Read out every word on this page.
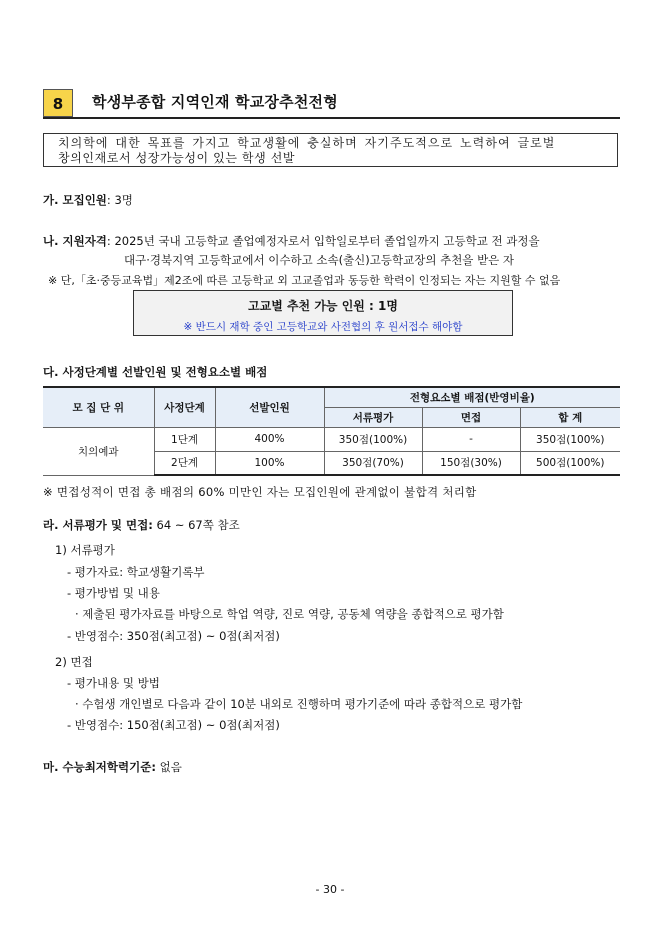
8	학생부종합 지역인재 학교장추천전형
치의학에 대한 목표를 가지고 학교생활에 충실하며 자기주도적으로 노력하여 글로벌
창의인재로서 성장가능성이 있는 학생 선발
가. 모집인원: 3명
나. 지원자격: 2025년 국내 고등학교 졸업예정자로서 입학일로부터 졸업일까지 고등학교 전 과정을
대구·경북지역 고등학교에서 이수하고 소속(출신)고등학교장의 추천을 받은 자
※ 단,「초·중등교육법」제2조에 따른 고등학교 외 고교졸업과 동등한 학력이 인정되는 자는 지원할 수 없음
고교별 추천 가능 인원 : 1명
※ 반드시 재학 중인 고등학교와 사전협의 후 원서접수 해야함
다. 사정단계별 선발인원 및 전형요소별 배점
모 집 단 위	사정단계	선발인원	전형요소별 배점(반영비율)		
			서류평가	면접	합 계
치의예과	1단계	400%	350점(100%)	-	350점(100%)
	2단계	100%	350점(70%)	150점(30%)	500점(100%)
※ 면접성적이 면접 총 배점의 60% 미만인 자는 모집인원에 관계없이 불합격 처리함
라. 서류평가 및 면접: 64 ~ 67쪽 참조
1) 서류평가
- 평가자료: 학교생활기록부
- 평가방법 및 내용
· 제출된 평가자료를 바탕으로 학업 역량, 진로 역량, 공동체 역량을 종합적으로 평가함
- 반영점수: 350점(최고점) ~ 0점(최저점)
2) 면접
- 평가내용 및 방법
· 수험생 개인별로 다음과 같이 10분 내외로 진행하며 평가기준에 따라 종합적으로 평가함
- 반영점수: 150점(최고점) ~ 0점(최저점)
마. 수능최저학력기준: 없음
- 30 -
